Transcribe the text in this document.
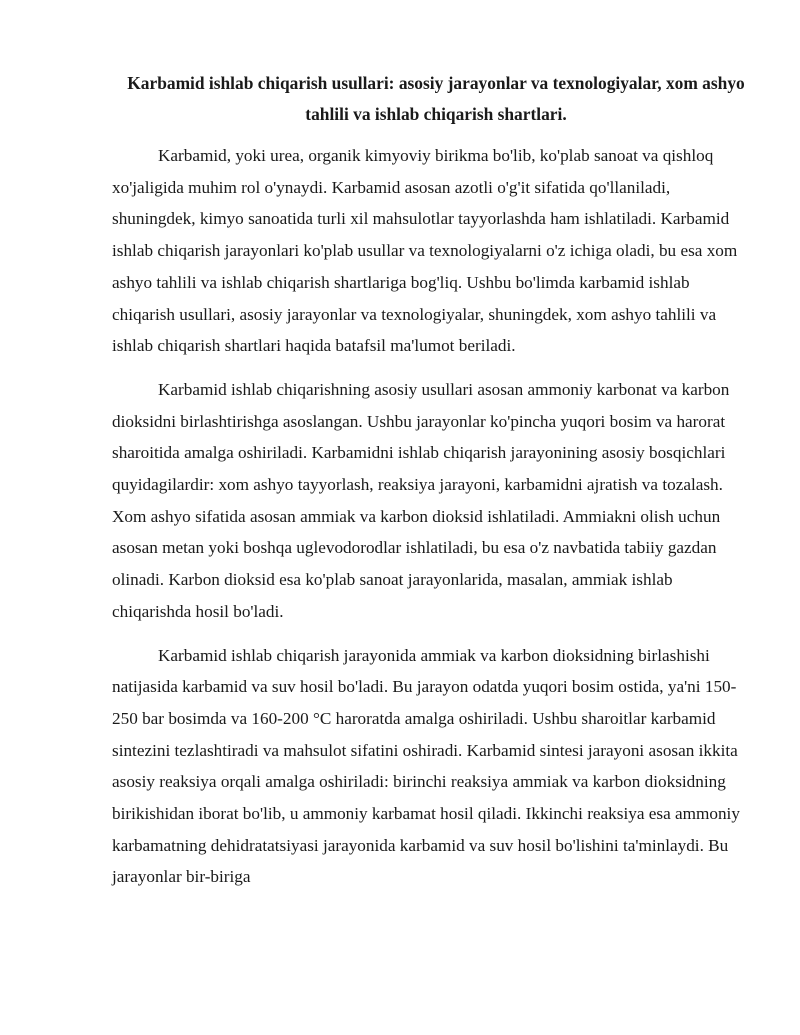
Karbamid ishlab chiqarish usullari: asosiy jarayonlar va texnologiyalar, xom ashyo tahlili va ishlab chiqarish shartlari.

Karbamid, yoki urea, organik kimyoviy birikma bo'lib, ko'plab sanoat va qishloq xo'jaligida muhim rol o'ynaydi. Karbamid asosan azotli o'g'it sifatida qo'llaniladi, shuningdek, kimyo sanoatida turli xil mahsulotlar tayyorlashda ham ishlatiladi. Karbamid ishlab chiqarish jarayonlari ko'plab usullar va texnologiyalarni o'z ichiga oladi, bu esa xom ashyo tahlili va ishlab chiqarish shartlariga bog'liq. Ushbu bo'limda karbamid ishlab chiqarish usullari, asosiy jarayonlar va texnologiyalar, shuningdek, xom ashyo tahlili va ishlab chiqarish shartlari haqida batafsil ma'lumot beriladi.

Karbamid ishlab chiqarishning asosiy usullari asosan ammoniy karbonat va karbon dioksidni birlashtirishga asoslangan. Ushbu jarayonlar ko'pincha yuqori bosim va harorat sharoitida amalga oshiriladi. Karbamidni ishlab chiqarish jarayonining asosiy bosqichlari quyidagilardir: xom ashyo tayyorlash, reaksiya jarayoni, karbamidni ajratish va tozalash. Xom ashyo sifatida asosan ammiak va karbon dioksid ishlatiladi. Ammiakni olish uchun asosan metan yoki boshqa uglevodorodlar ishlatiladi, bu esa o'z navbatida tabiiy gazdan olinadi. Karbon dioksid esa ko'plab sanoat jarayonlarida, masalan, ammiak ishlab chiqarishda hosil bo'ladi.

Karbamid ishlab chiqarish jarayonida ammiak va karbon dioksidning birlashishi natijasida karbamid va suv hosil bo'ladi. Bu jarayon odatda yuqori bosim ostida, ya'ni 150-250 bar bosimda va 160-200 °C haroratda amalga oshiriladi. Ushbu sharoitlar karbamid sintezini tezlashtiradi va mahsulot sifatini oshiradi. Karbamid sintesi jarayoni asosan ikkita asosiy reaksiya orqali amalga oshiriladi: birinchi reaksiya ammiak va karbon dioksidning birikishidan iborat bo'lib, u ammoniy karbamat hosil qiladi. Ikkinchi reaksiya esa ammoniy karbamatning dehidratatsiyasi jarayonida karbamid va suv hosil bo'lishini ta'minlaydi. Bu jarayonlar bir-biriga
